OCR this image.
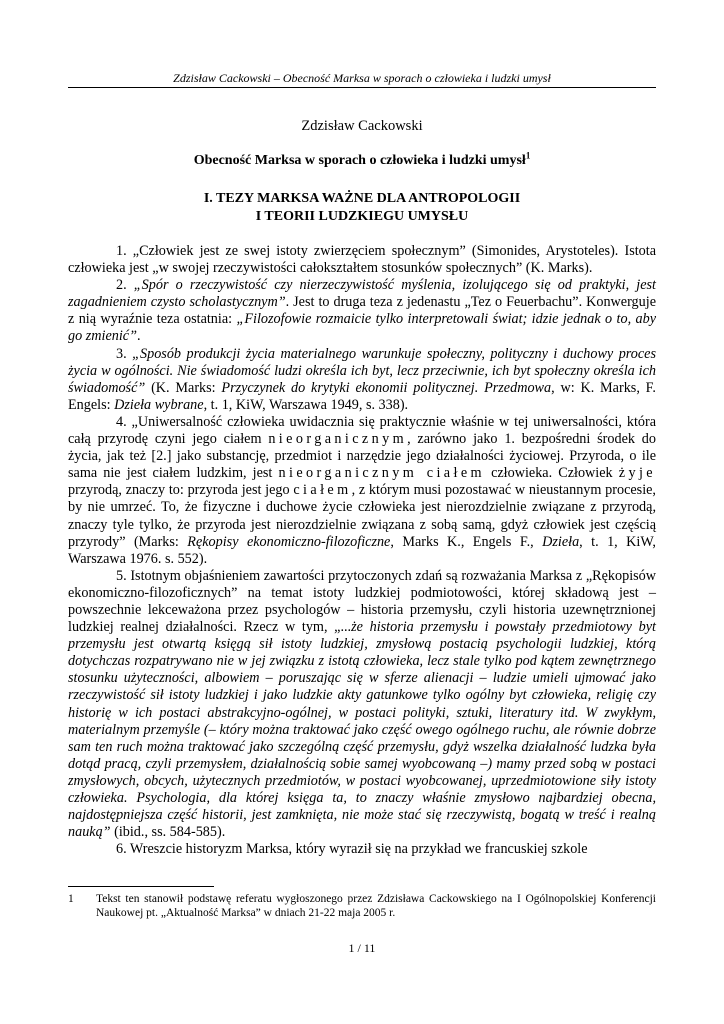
Zdzisław Cackowski – Obecność Marksa w sporach o człowieka i ludzki umysł
Zdzisław Cackowski
Obecność Marksa w sporach o człowieka i ludzki umysł$^1$
I. TEZY MARKSA WAŻNE DLA ANTROPOLOGII
I TEORII LUDZKIEGU UMYSŁU

1. „Człowiek jest ze swej istoty zwierzęciem społecznym” (Simonides, Arystoteles). Istota człowieka jest „w swojej rzeczywistości całokształtem stosunków społecznych” (K. Marks).

2. „Spór o rzeczywistość czy nierzeczywistość myślenia, izolującego się od praktyki, jest zagadnieniem czysto scholastycznym”. Jest to druga teza z jedenastu „Tez o Feuerbachu”. Konwerguje z nią wyraźnie teza ostatnia: „Filozofowie rozmaicie tylko interpretowali świat; idzie jednak o to, aby go zmienić”.

3. „Sposób produkcji życia materialnego warunkuje społeczny, polityczny i duchowy proces życia w ogólności. Nie świadomość ludzi określa ich byt, lecz przeciwnie, ich byt społeczny określa ich świadomość” (K. Marks: Przyczynek do krytyki ekonomii politycznej. Przedmowa, w: K. Marks, F. Engels: Dzieła wybrane, t. 1, KiW, Warszawa 1949, s. 338).

4. „Uniwersalność człowieka uwidacznia się praktycznie właśnie w tej uniwersalności, która całą przyrodę czyni jego ciałem nieorganicznym, zarówno jako 1. bezpośredni środek do życia, jak też [2.] jako substancję, przedmiot i narzędzie jego działalności życiowej. Przyroda, o ile sama nie jest ciałem ludzkim, jest nieorganicznym ciałem człowieka. Człowiek żyje przyrodą, znaczy to: przyroda jest jego ciałem, z którym musi pozostawać w nieustannym procesie, by nie umrzeć. To, że fizyczne i duchowe życie człowieka jest nierozdzielnie związane z przyrodą, znaczy tyle tylko, że przyroda jest nierozdzielnie związana z sobą samą, gdyż człowiek jest częścią przyrody” (Marks: Rękopisy ekonomiczno-filozoficzne, Marks K., Engels F., Dzieła, t. 1, KiW, Warszawa 1976. s. 552).

5. Istotnym objaśnieniem zawartości przytoczonych zdań są rozważania Marksa z „Rękopisów ekonomiczno-filozoficznych” na temat istoty ludzkiej podmiotowości, której składową jest – powszechnie lekceważona przez psychologów – historia przemysłu, czyli historia uzewnętrznionej ludzkiej realnej działalności. Rzecz w tym, „...że historia przemysłu i powstały przedmiotowy byt przemysłu jest otwartą księgą sił istoty ludzkiej, zmysłową postacią psychologii ludzkiej, którą dotychczas rozpatrywano nie w jej związku z istotą człowieka, lecz stale tylko pod kątem zewnętrznego stosunku użyteczności, albowiem – poruszając się w sferze alienacji – ludzie umieli ujmować jako rzeczywistość sił istoty ludzkiej i jako ludzkie akty gatunkowe tylko ogólny byt człowieka, religię czy historię w ich postaci abstrakcyjno-ogólnej, w postaci polityki, sztuki, literatury itd. W zwykłym, materialnym przemyśle (– który można traktować jako część owego ogólnego ruchu, ale równie dobrze sam ten ruch można traktować jako szczególną część przemysłu, gdyż wszelka działalność ludzka była dotąd pracą, czyli przemysłem, działalnością sobie samej wyobcowaną –) mamy przed sobą w postaci zmysłowych, obcych, użytecznych przedmiotów, w postaci wyobcowanej, uprzedmiotowione siły istoty człowieka. Psychologia, dla której księga ta, to znaczy właśnie zmysłowo najbardziej obecna, najdostępniejsza część historii, jest zamknięta, nie może stać się rzeczywistą, bogatą w treść i realną nauką” (ibid., ss. 584-585).

6. Wreszcie historyzm Marksa, który wyraził się na przykład we francuskiej szkole

1	Tekst ten stanowił podstawę referatu wygłoszonego przez Zdzisława Cackowskiego na I Ogólnopolskiej Konferencji Naukowej pt. „Aktualność Marksa” w dniach 21-22 maja 2005 r.
1 / 11
